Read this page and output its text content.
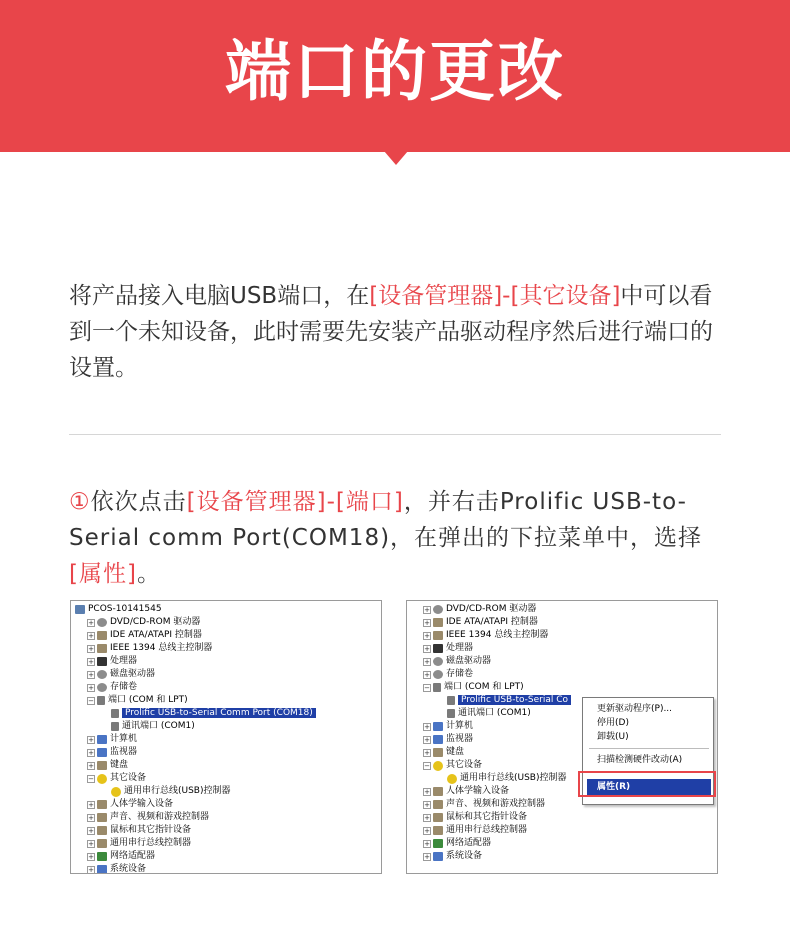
端口的更改
将产品接入电脑USB端口，在[设备管理器]-[其它设备]中可以看到一个未知设备，此时需要先安装产品驱动程序然后进行端口的设置。
①依次点击[设备管理器]-[端口]，并右击Prolific USB-to-Serial comm Port(COM18)，在弹出的下拉菜单中，选择[属性]。
PCOS-10141545
+ DVD/CD-ROM 驱动器
+ IDE ATA/ATAPI 控制器
+ IEEE 1394 总线主控制器
+ 处理器
+ 磁盘驱动器
+ 存储卷
− 端口 (COM 和 LPT)
Prolific USB-to-Serial Comm Port (COM18)
通讯端口 (COM1)
+ 计算机
+ 监视器
+ 键盘
− 其它设备
通用串行总线(USB)控制器
+ 人体学输入设备
+ 声音、视频和游戏控制器
+ 鼠标和其它指针设备
+ 通用串行总线控制器
+ 网络适配器
+ 系统设备
+ DVD/CD-ROM 驱动器
+ IDE ATA/ATAPI 控制器
+ IEEE 1394 总线主控制器
+ 处理器
+ 磁盘驱动器
+ 存储卷
− 端口 (COM 和 LPT)
Prolific USB-to-Serial Co
通讯端口 (COM1)
+ 计算机
+ 监视器
+ 键盘
− 其它设备
通用串行总线(USB)控制器
+ 人体学输入设备
+ 声音、视频和游戏控制器
+ 鼠标和其它指针设备
+ 通用串行总线控制器
+ 网络适配器
+ 系统设备
更新驱动程序(P)...
停用(D)
卸载(U)
扫描检测硬件改动(A)
属性(R)
